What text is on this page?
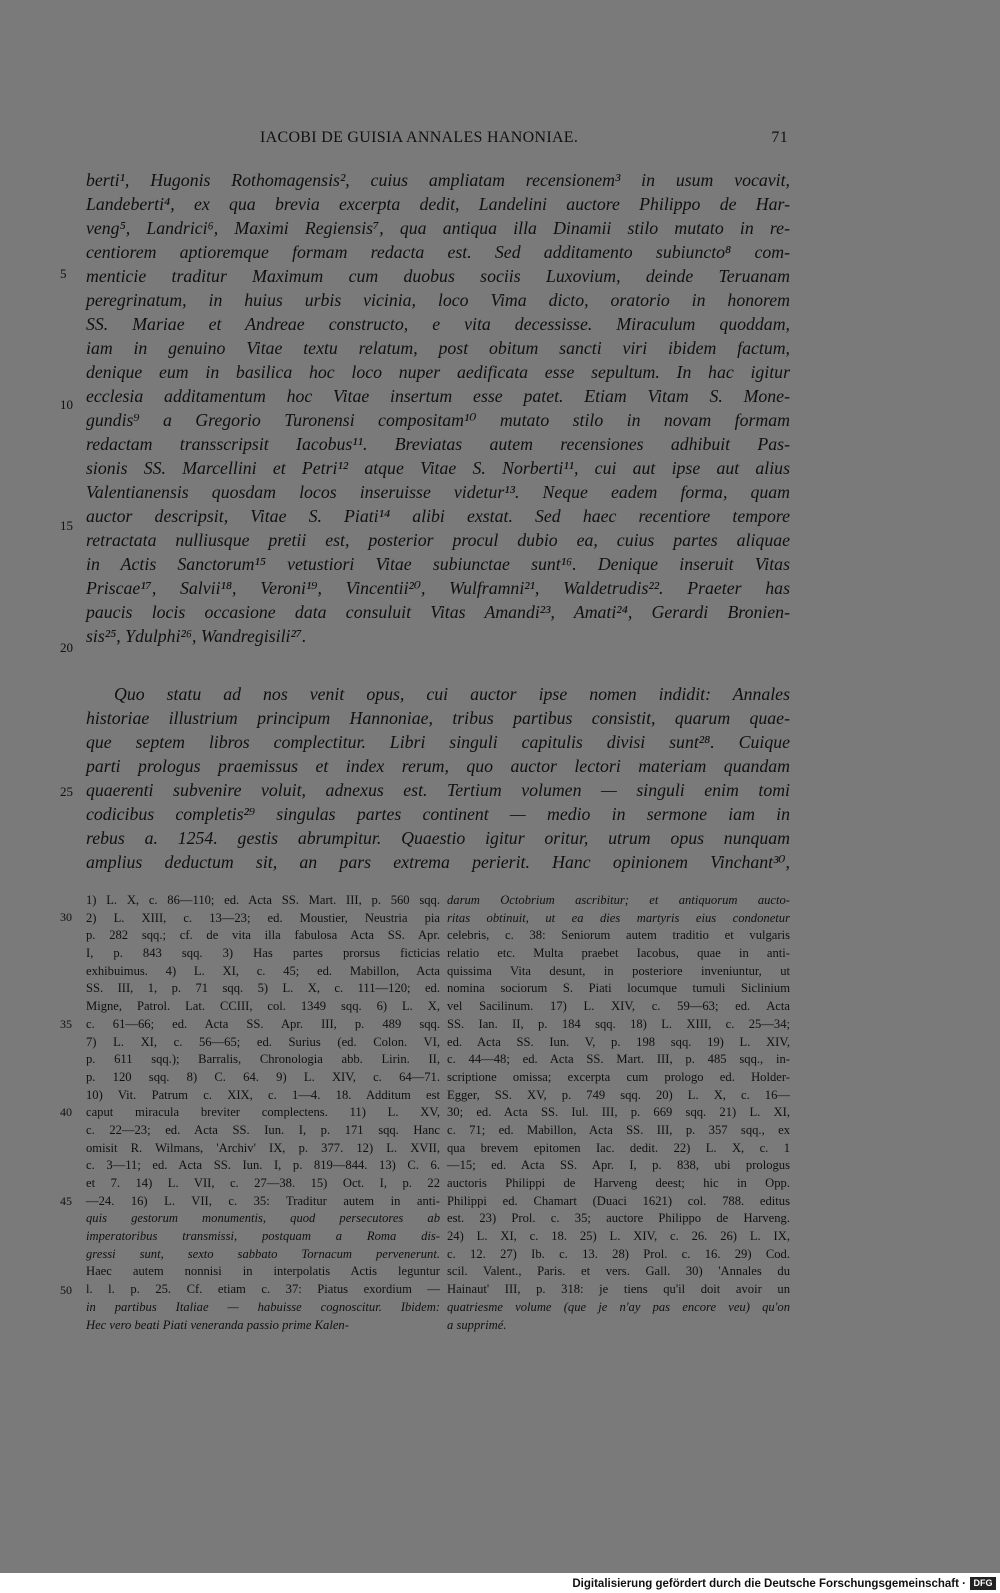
IACOBI DE GUISIA ANNALES HANONIAE.	71
berti¹, Hugonis Rothomagensis², cuius ampliatam recensionem³ in usum vocavit,
Landeberti⁴, ex qua brevia excerpta dedit, Landelini auctore Philippo de Har-
veng⁵, Landrici⁶, Maximi Regiensis⁷, qua antiqua illa Dinamii stilo mutato in re-
centiorem aptioremque formam redacta est. Sed additamento subiuncto⁸ com-
menticie traditur Maximum cum duobus sociis Luxovium, deinde Teruanam
peregrinatum, in huius urbis vicinia, loco Vima dicto, oratorio in honorem
SS. Mariae et Andreae constructo, e vita decessisse. Miraculum quoddam,
iam in genuino Vitae textu relatum, post obitum sancti viri ibidem factum,
denique eum in basilica hoc loco nuper aedificata esse sepultum. In hac igitur
ecclesia additamentum hoc Vitae insertum esse patet. Etiam Vitam S. Mone-
gundis⁹ a Gregorio Turonensi compositam¹⁰ mutato stilo in novam formam
redactam transscripsit Iacobus¹¹. Breviatas autem recensiones adhibuit Pas-
sionis SS. Marcellini et Petri¹² atque Vitae S. Norberti¹¹, cui aut ipse aut alius
Valentianensis quosdam locos inseruisse videtur¹³. Neque eadem forma, quam
auctor descripsit, Vitae S. Piati¹⁴ alibi exstat. Sed haec recentiore tempore
retractata nulliusque pretii est, posterior procul dubio ea, cuius partes aliquae
in Actis Sanctorum¹⁵ vetustiori Vitae subiunctae sunt¹⁶. Denique inseruit Vitas
Priscae¹⁷, Salvii¹⁸, Veroni¹⁹, Vincentii²⁰, Wulframni²¹, Waldetrudis²². Praeter has
paucis locis occasione data consuluit Vitas Amandi²³, Amati²⁴, Gerardi Bronien-
sis²⁵, Ydulphi²⁶, Wandregisili²⁷.
Quo statu ad nos venit opus, cui auctor ipse nomen indidit: Annales
historiae illustrium principum Hannoniae, tribus partibus consistit, quarum quae-
que septem libros complectitur. Libri singuli capitulis divisi sunt²⁸. Cuique
parti prologus praemissus et index rerum, quo auctor lectori materiam quandam
quaerenti subvenire voluit, adnexus est. Tertium volumen — singuli enim tomi
codicibus completis²⁹ singulas partes continent — medio in sermone iam in
rebus a. 1254. gestis abrumpitur. Quaestio igitur oritur, utrum opus nunquam
amplius deductum sit, an pars extrema perierit. Hanc opinionem Vinchant³⁰,
5
10
15
20
25
1) L. X, c. 86—110; ed. Acta SS. Mart. III, p. 560 sqq.
2) L. XIII, c. 13—23; ed. Moustier, Neustria pia
p. 282 sqq.; cf. de vita illa fabulosa Acta SS. Apr.
I, p. 843 sqq. 3) Has partes prorsus ficticias
exhibuimus. 4) L. XI, c. 45; ed. Mabillon, Acta
SS. III, 1, p. 71 sqq. 5) L. X, c. 111—120; ed.
Migne, Patrol. Lat. CCIII, col. 1349 sqq. 6) L. X,
c. 61—66; ed. Acta SS. Apr. III, p. 489 sqq.
7) L. XI, c. 56—65; ed. Surius (ed. Colon. VI,
p. 611 sqq.); Barralis, Chronologia abb. Lirin. II,
p. 120 sqq. 8) C. 64. 9) L. XIV, c. 64—71.
10) Vit. Patrum c. XIX, c. 1—4. 18. Additum est
caput miracula breviter complectens. 11) L. XV,
c. 22—23; ed. Acta SS. Iun. I, p. 171 sqq. Hanc
omisit R. Wilmans, 'Archiv' IX, p. 377. 12) L. XVII,
c. 3—11; ed. Acta SS. Iun. I, p. 819—844. 13) C. 6.
et 7. 14) L. VII, c. 27—38. 15) Oct. I, p. 22
—24. 16) L. VII, c. 35: Traditur autem in anti-
quis gestorum monumentis, quod persecutores ab
imperatoribus transmissi, postquam a Roma dis-
gressi sunt, sexto sabbato Tornacum pervenerunt.
Haec autem nonnisi in interpolatis Actis leguntur
l. l. p. 25. Cf. etiam c. 37: Piatus exordium —
in partibus Italiae — habuisse cognoscitur. Ibidem:
Hec vero beati Piati veneranda passio prime Kalen-
30
35
40
45
50
darum Octobrium ascribitur; et antiquorum aucto-
ritas obtinuit, ut ea dies martyris eius condonetur
celebris, c. 38: Seniorum autem traditio et vulgaris
relatio etc. Multa praebet Iacobus, quae in anti-
quissima Vita desunt, in posteriore inveniuntur, ut
nomina sociorum S. Piati locumque tumuli Siclinium
vel Sacilinum. 17) L. XIV, c. 59—63; ed. Acta
SS. Ian. II, p. 184 sqq. 18) L. XIII, c. 25—34;
ed. Acta SS. Iun. V, p. 198 sqq. 19) L. XIV,
c. 44—48; ed. Acta SS. Mart. III, p. 485 sqq., in-
scriptione omissa; excerpta cum prologo ed. Holder-
Egger, SS. XV, p. 749 sqq. 20) L. X, c. 16—
30; ed. Acta SS. Iul. III, p. 669 sqq. 21) L. XI,
c. 71; ed. Mabillon, Acta SS. III, p. 357 sqq., ex
qua brevem epitomen Iac. dedit. 22) L. X, c. 1
—15; ed. Acta SS. Apr. I, p. 838, ubi prologus
auctoris Philippi de Harveng deest; hic in Opp.
Philippi ed. Chamart (Duaci 1621) col. 788. editus
est. 23) Prol. c. 35; auctore Philippo de Harveng.
24) L. XI, c. 18. 25) L. XIV, c. 26. 26) L. IX,
c. 12. 27) Ib. c. 13. 28) Prol. c. 16. 29) Cod.
scil. Valent., Paris. et vers. Gall. 30) 'Annales du
Hainaut' III, p. 318: je tiens qu'il doit avoir un
quatriesme volume (que je n'ay pas encore veu) qu'on
a supprimé.
Digitalisierung gefördert durch die Deutsche Forschungsgemeinschaft · DFG
